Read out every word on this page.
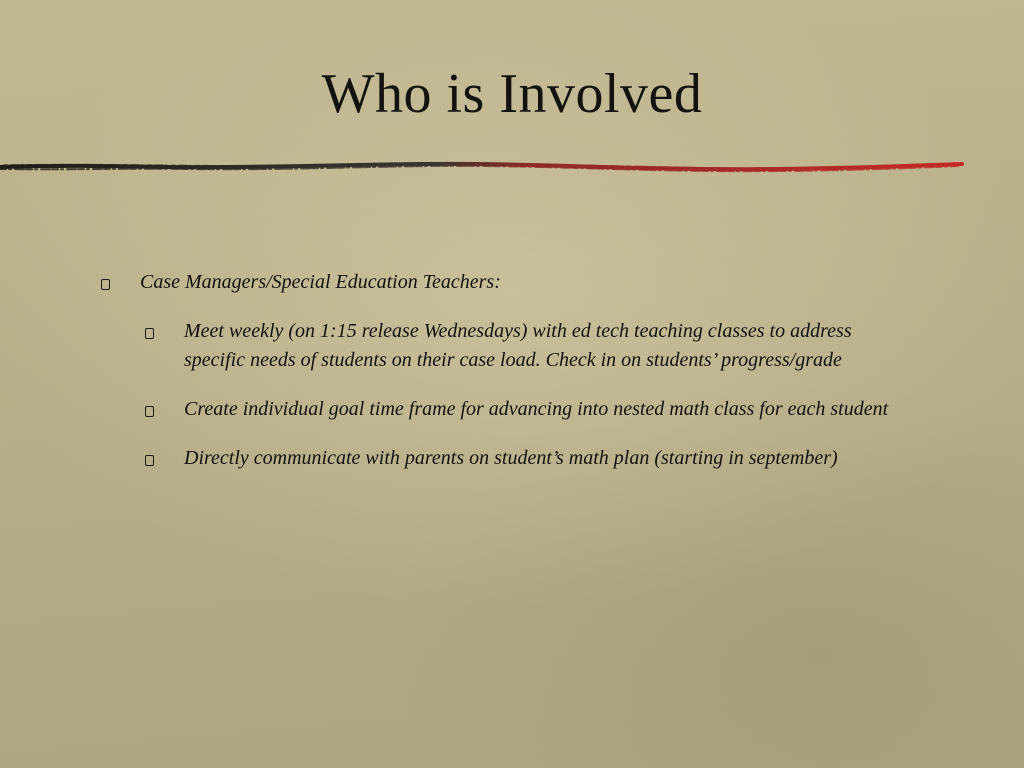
Who is Involved
Case Managers/Special Education Teachers:
Meet weekly (on 1:15 release Wednesdays) with ed tech teaching classes to address specific needs of students on their case load. Check in on students’ progress/grade
Create individual goal time frame for advancing into nested math class for each student
Directly communicate with parents on student’s math plan (starting in september)
